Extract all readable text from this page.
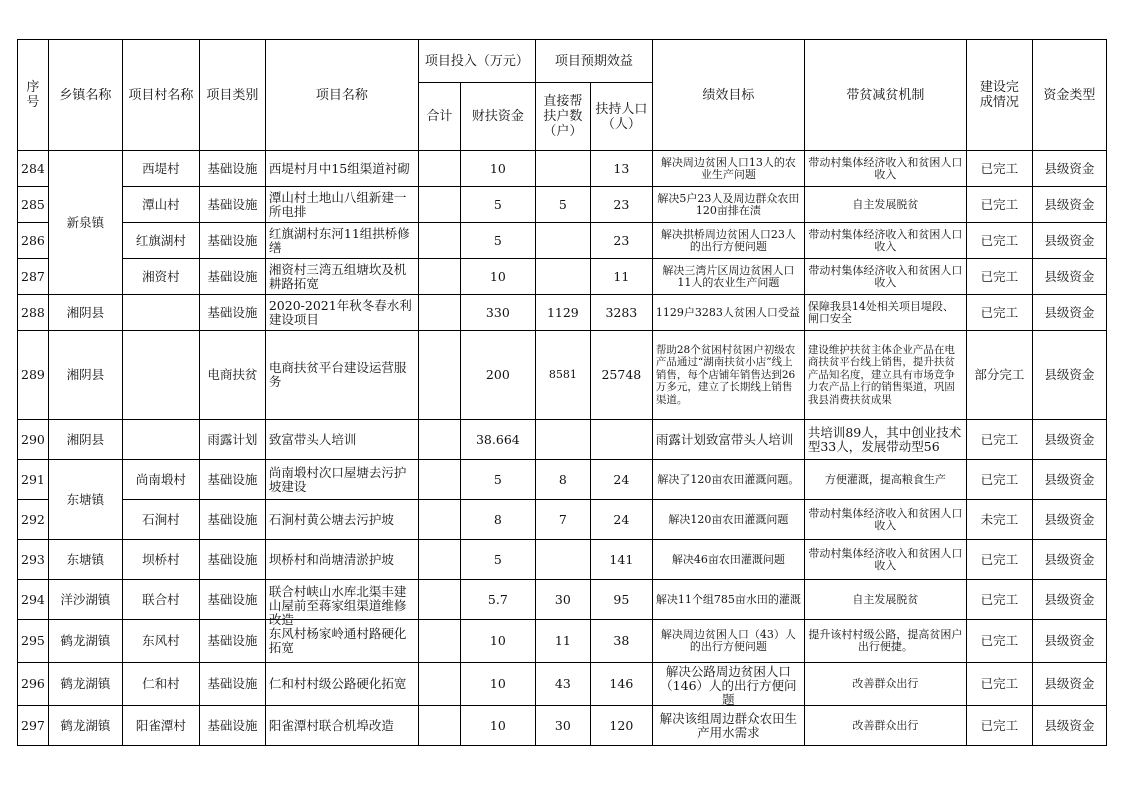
序号	乡镇名称	项目村名称	项目类别	项目名称	项目投入（万元）		项目预期效益		绩效目标	带贫减贫机制	建设完成情况	资金类型
					合计	财扶资金	直接帮扶户数（户）	扶持人口（人）				

284	新泉镇	西堤村	基础设施	西堤村月中15组渠道衬砌		10		13	解决周边贫困人口13人的农业生产问题	带动村集体经济收入和贫困人口收入	已完工	县级资金
285		潭山村	基础设施	潭山村土地山八组新建一所电排		5	5	23	解决5户23人及周边群众农田120亩排在渍	自主发展脱贫	已完工	县级资金
286		红旗湖村	基础设施	红旗湖村东河11组拱桥修缮		5		23	解决拱桥周边贫困人口23人的出行方便问题	带动村集体经济收入和贫困人口收入	已完工	县级资金
287		湘资村	基础设施	湘资村三湾五组塘坎及机耕路拓宽		10		11	解决三湾片区周边贫困人口11人的农业生产问题	带动村集体经济收入和贫困人口收入	已完工	县级资金
288	湘阴县		基础设施	2020-2021年秋冬春水利建设项目		330	1129	3283	1129户3283人贫困人口受益	保障我县14处相关项目堤段、闸口安全	已完工	县级资金
289	湘阴县		电商扶贫	电商扶贫平台建设运营服务		200	8581	25748	帮助28个贫困村贫困户初级农产品通过“湖南扶贫小店”线上销售，每个店铺年销售达到26万多元，建立了长期线上销售渠道。	建设维护扶贫主体企业产品在电商扶贫平台线上销售，提升扶贫产品知名度，建立具有市场竞争力农产品上行的销售渠道，巩固我县消费扶贫成果	部分完工	县级资金
290	湘阴县		雨露计划	致富带头人培训		38.664			雨露计划致富带头人培训	共培训89人，其中创业技术型33人，发展带动型56	已完工	县级资金
291	东塘镇	尚南塅村	基础设施	尚南塅村次口屋塘去污护坡建设		5	8	24	解决了120亩农田灌溉问题。	方便灌溉，提高粮食生产	已完工	县级资金
292		石涧村	基础设施	石涧村黄公塘去污护坡		8	7	24	解决120亩农田灌溉问题	带动村集体经济收入和贫困人口收入	未完工	县级资金
293	东塘镇	坝桥村	基础设施	坝桥村和尚塘清淤护坡		5		141	解决46亩农田灌溉问题	带动村集体经济收入和贫困人口收入	已完工	县级资金
294	洋沙湖镇	联合村	基础设施	联合村峡山水库北渠丰建山屋前至蒋家组渠道维修改造		5.7	30	95	解决11个组785亩水田的灌溉	自主发展脱贫	已完工	县级资金
295	鹤龙湖镇	东风村	基础设施	东风村杨家岭通村路硬化拓宽		10	11	38	解决周边贫困人口（43）人的出行方便问题	提升该村村级公路，提高贫困户出行便捷。	已完工	县级资金
296	鹤龙湖镇	仁和村	基础设施	仁和村村级公路硬化拓宽		10	43	146	解决公路周边贫困人口（146）人的出行方便问题	改善群众出行	已完工	县级资金
297	鹤龙湖镇	阳雀潭村	基础设施	阳雀潭村联合机埠改造		10	30	120	解决该组周边群众农田生产用水需求	改善群众出行	已完工	县级资金
